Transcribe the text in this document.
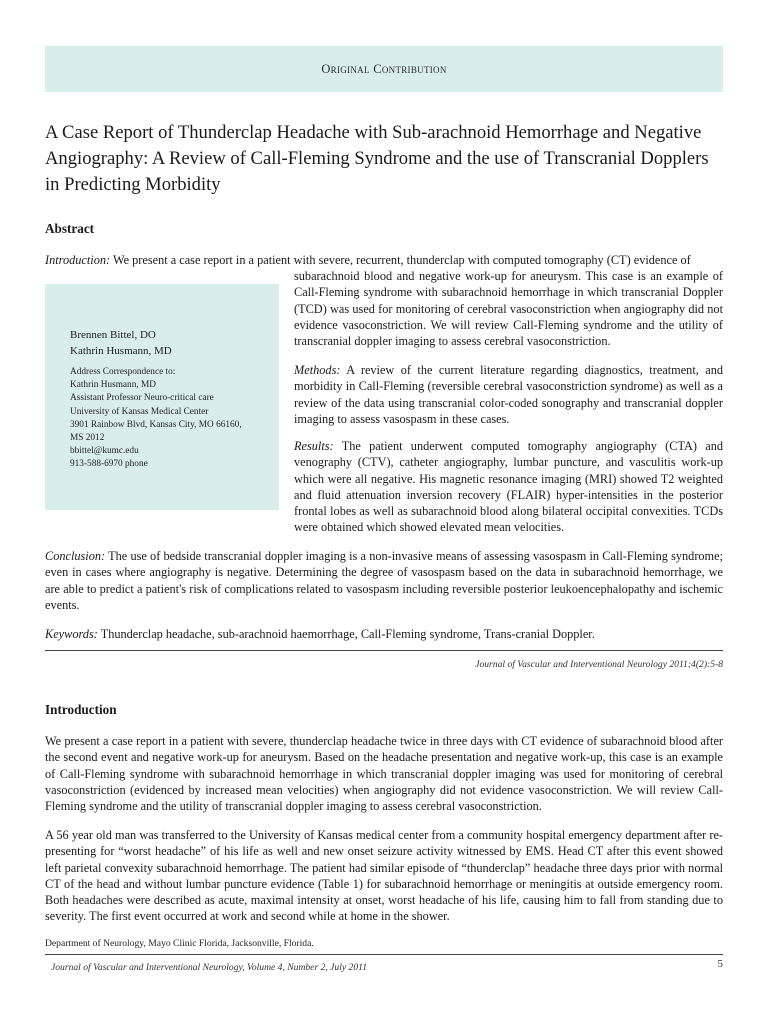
Original Contribution
A Case Report of Thunderclap Headache with Sub-arachnoid Hemorrhage and Negative Angiography: A Review of Call-Fleming Syndrome and the use of Transcranial Dopplers in Predicting Morbidity
Abstract
Introduction: We present a case report in a patient with severe, recurrent, thunderclap with computed tomography (CT) evidence of
Brennen Bittel, DO
Kathrin Husmann, MD
Address Correspondence to:
Kathrin Husmann, MD
Assistant Professor Neuro-critical care
University of Kansas Medical Center
3901 Rainbow Blvd, Kansas City, MO 66160,
MS 2012
bbittel@kumc.edu
913-588-6970 phone
subarachnoid blood and negative work-up for aneurysm. This case is an example of Call-Fleming syndrome with subarachnoid hemorrhage in which transcranial Doppler (TCD) was used for monitoring of cerebral vasoconstriction when angiography did not evidence vasoconstriction. We will review Call-Fleming syndrome and the utility of transcranial doppler imaging to assess cerebral vasoconstriction.
Methods: A review of the current literature regarding diagnostics, treatment, and morbidity in Call-Fleming (reversible cerebral vasoconstriction syndrome) as well as a review of the data using transcranial color-coded sonography and transcranial doppler imaging to assess vasospasm in these cases.
Results: The patient underwent computed tomography angiography (CTA) and venography (CTV), catheter angiography, lumbar puncture, and vasculitis work-up which were all negative. His magnetic resonance imaging (MRI) showed T2 weighted and fluid attenuation inversion recovery (FLAIR) hyper-intensities in the posterior frontal lobes as well as subarachnoid blood along bilateral occipital convexities. TCDs were obtained which showed elevated mean velocities.
Conclusion: The use of bedside transcranial doppler imaging is a non-invasive means of assessing vasospasm in Call-Fleming syndrome; even in cases where angiography is negative. Determining the degree of vasospasm based on the data in subarachnoid hemorrhage, we are able to predict a patient's risk of complications related to vasospasm including reversible posterior leukoencephalopathy and ischemic events.
Keywords: Thunderclap headache, sub-arachnoid haemorrhage, Call-Fleming syndrome, Trans-cranial Doppler.
Journal of Vascular and Interventional Neurology 2011;4(2):5-8
Introduction
We present a case report in a patient with severe, thunderclap headache twice in three days with CT evidence of subarachnoid blood after the second event and negative work-up for aneurysm. Based on the headache presentation and negative work-up, this case is an example of Call-Fleming syndrome with subarachnoid hemorrhage in which transcranial doppler imaging was used for monitoring of cerebral vasoconstriction (evidenced by increased mean velocities) when angiography did not evidence vasoconstriction. We will review Call-Fleming syndrome and the utility of transcranial doppler imaging to assess cerebral vasoconstriction.
A 56 year old man was transferred to the University of Kansas medical center from a community hospital emergency department after re-presenting for “worst headache” of his life as well and new onset seizure activity witnessed by EMS. Head CT after this event showed left parietal convexity subarachnoid hemorrhage. The patient had similar episode of “thunderclap” headache three days prior with normal CT of the head and without lumbar puncture evidence (Table 1) for subarachnoid hemorrhage or meningitis at outside emergency room. Both headaches were described as acute, maximal intensity at onset, worst headache of his life, causing him to fall from standing due to severity. The first event occurred at work and second while at home in the shower.
Department of Neurology, Mayo Clinic Florida, Jacksonville, Florida.
Journal of Vascular and Interventional Neurology, Volume 4, Number 2, July 2011	5
